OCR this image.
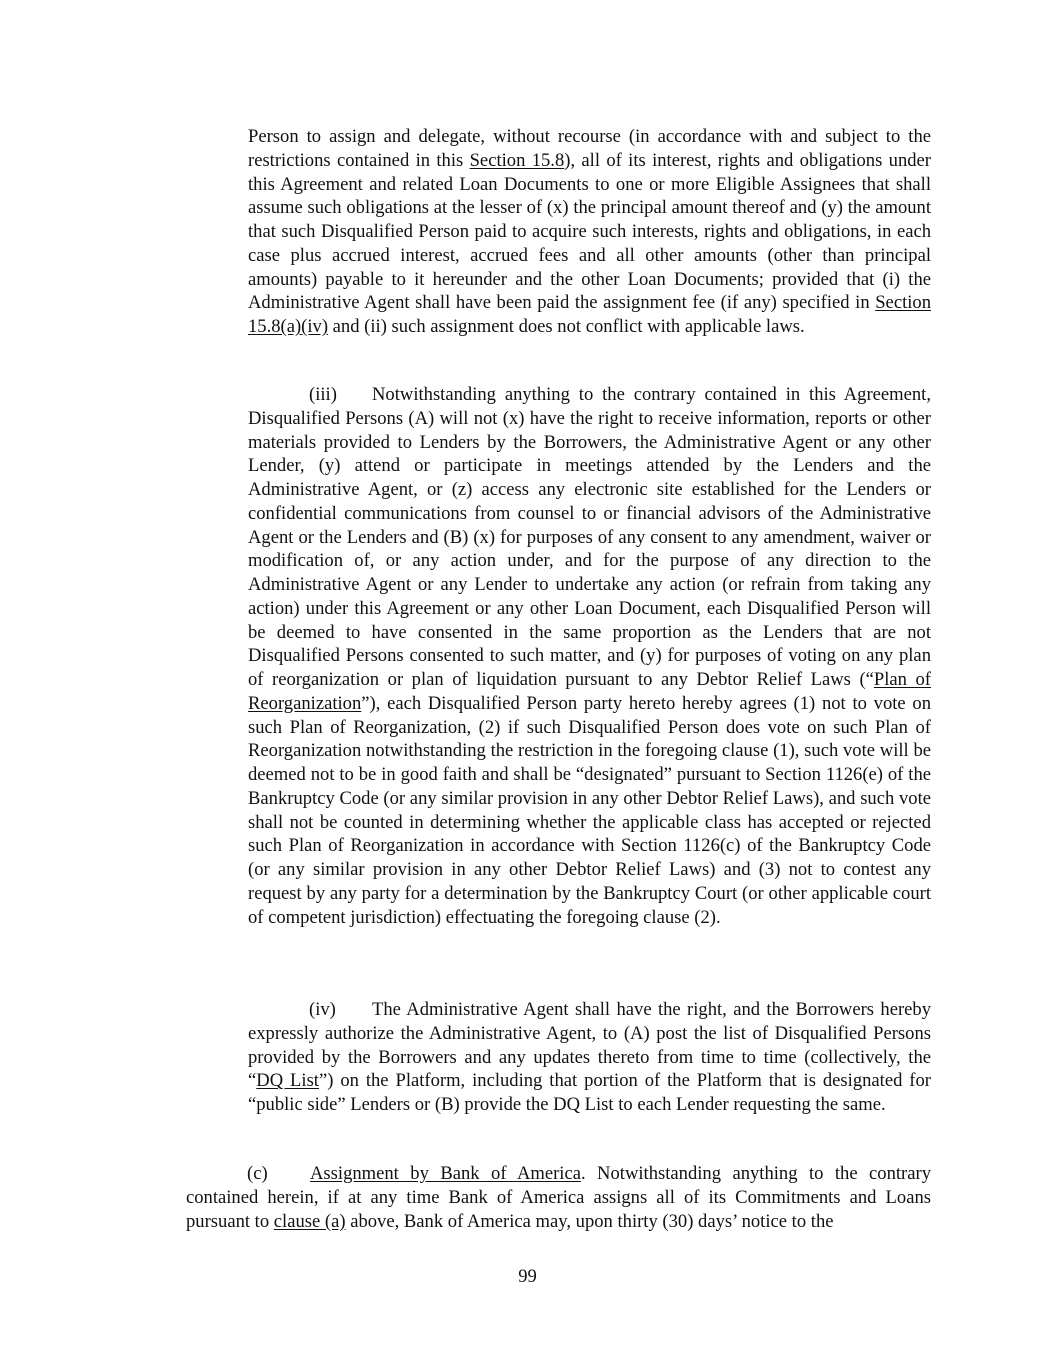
Person to assign and delegate, without recourse (in accordance with and subject to the restrictions contained in this Section 15.8), all of its interest, rights and obligations under this Agreement and related Loan Documents to one or more Eligible Assignees that shall assume such obligations at the lesser of (x) the principal amount thereof and (y) the amount that such Disqualified Person paid to acquire such interests, rights and obligations, in each case plus accrued interest, accrued fees and all other amounts (other than principal amounts) payable to it hereunder and the other Loan Documents; provided that (i) the Administrative Agent shall have been paid the assignment fee (if any) specified in Section 15.8(a)(iv) and (ii) such assignment does not conflict with applicable laws.

(iii) Notwithstanding anything to the contrary contained in this Agreement, Disqualified Persons (A) will not (x) have the right to receive information, reports or other materials provided to Lenders by the Borrowers, the Administrative Agent or any other Lender, (y) attend or participate in meetings attended by the Lenders and the Administrative Agent, or (z) access any electronic site established for the Lenders or confidential communications from counsel to or financial advisors of the Administrative Agent or the Lenders and (B) (x) for purposes of any consent to any amendment, waiver or modification of, or any action under, and for the purpose of any direction to the Administrative Agent or any Lender to undertake any action (or refrain from taking any action) under this Agreement or any other Loan Document, each Disqualified Person will be deemed to have consented in the same proportion as the Lenders that are not Disqualified Persons consented to such matter, and (y) for purposes of voting on any plan of reorganization or plan of liquidation pursuant to any Debtor Relief Laws (“Plan of Reorganization”), each Disqualified Person party hereto hereby agrees (1) not to vote on such Plan of Reorganization, (2) if such Disqualified Person does vote on such Plan of Reorganization notwithstanding the restriction in the foregoing clause (1), such vote will be deemed not to be in good faith and shall be “designated” pursuant to Section 1126(e) of the Bankruptcy Code (or any similar provision in any other Debtor Relief Laws), and such vote shall not be counted in determining whether the applicable class has accepted or rejected such Plan of Reorganization in accordance with Section 1126(c) of the Bankruptcy Code (or any similar provision in any other Debtor Relief Laws) and (3) not to contest any request by any party for a determination by the Bankruptcy Court (or other applicable court of competent jurisdiction) effectuating the foregoing clause (2).

(iv) The Administrative Agent shall have the right, and the Borrowers hereby expressly authorize the Administrative Agent, to (A) post the list of Disqualified Persons provided by the Borrowers and any updates thereto from time to time (collectively, the “DQ List”) on the Platform, including that portion of the Platform that is designated for “public side” Lenders or (B) provide the DQ List to each Lender requesting the same.

(c) Assignment by Bank of America. Notwithstanding anything to the contrary contained herein, if at any time Bank of America assigns all of its Commitments and Loans pursuant to clause (a) above, Bank of America may, upon thirty (30) days’ notice to the

99
